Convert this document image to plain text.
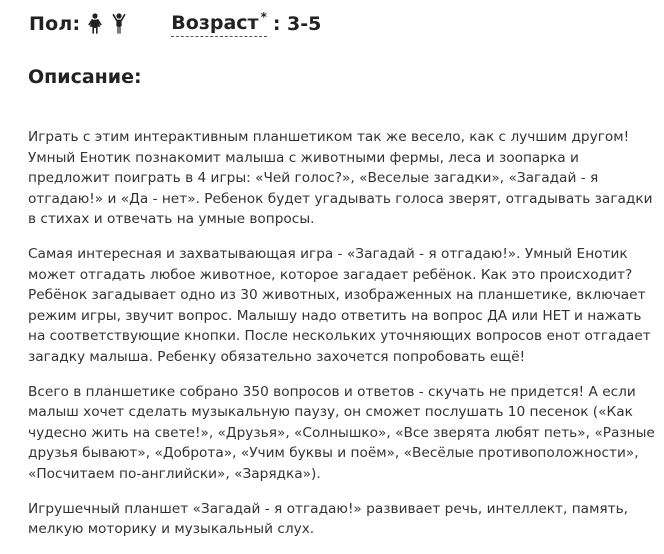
Пол:	Возраст * : 3-5
Описание:

Играть с этим интерактивным планшетиком так же весело, как с лучшим другом! Умный Енотик познакомит малыша с животными фермы, леса и зоопарка и предложит поиграть в 4 игры: «Чей голос?», «Веселые загадки», «Загадай - я отгадаю!» и «Да - нет». Ребенок будет угадывать голоса зверят, отгадывать загадки в стихах и отвечать на умные вопросы.

Самая интересная и захватывающая игра - «Загадай - я отгадаю!». Умный Енотик может отгадать любое животное, которое загадает ребёнок. Как это происходит? Ребёнок загадывает одно из 30 животных, изображенных на планшетике, включает режим игры, звучит вопрос. Малышу надо ответить на вопрос ДА или НЕТ и нажать на соответствующие кнопки. После нескольких уточняющих вопросов енот отгадает загадку малыша. Ребенку обязательно захочется попробовать ещё!

Всего в планшетике собрано 350 вопросов и ответов - скучать не придется! А если малыш хочет сделать музыкальную паузу, он сможет послушать 10 песенок («Как чудесно жить на свете!», «Друзья», «Солнышко», «Все зверята любят петь», «Разные друзья бывают», «Доброта», «Учим буквы и поём», «Весёлые противоположности», «Посчитаем по-английски», «Зарядка»).

Игрушечный планшет «Загадай - я отгадаю!» развивает речь, интеллект, память, мелкую моторику и музыкальный слух.
